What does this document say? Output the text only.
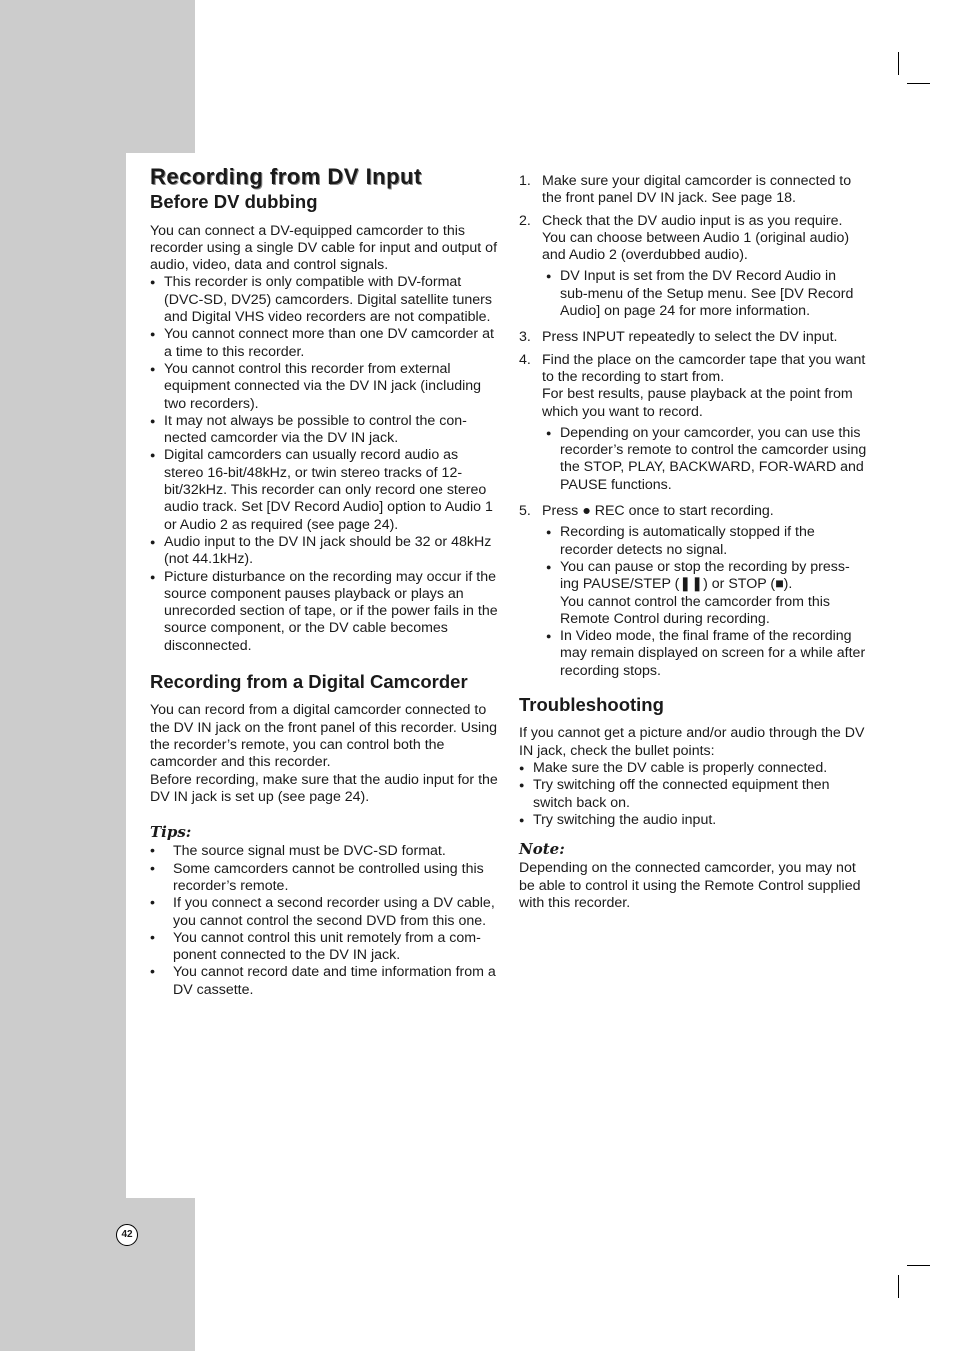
42
Recording from DV Input
Before DV dubbing

You can connect a DV-equipped camcorder to this recorder using a single DV cable for input and output of audio, video, data and control signals.

● This recorder is only compatible with DV-format (DVC-SD, DV25) camcorders. Digital satellite tuners and Digital VHS video recorders are not compatible.
● You cannot connect more than one DV camcorder at a time to this recorder.
● You cannot control this recorder from external equipment connected via the DV IN jack (including two recorders).
● It may not always be possible to control the con-nected camcorder via the DV IN jack.
● Digital camcorders can usually record audio as stereo 16-bit/48kHz, or twin stereo tracks of 12-bit/32kHz. This recorder can only record one stereo audio track. Set [DV Record Audio] option to Audio 1 or Audio 2 as required (see page 24).
● Audio input to the DV IN jack should be 32 or 48kHz (not 44.1kHz).
● Picture disturbance on the recording may occur if the source component pauses playback or plays an unrecorded section of tape, or if the power fails in the source component, or the DV cable becomes disconnected.
Recording from a Digital Camcorder

You can record from a digital camcorder connected to the DV IN jack on the front panel of this recorder. Using the recorder’s remote, you can control both the camcorder and this recorder.

Before recording, make sure that the audio input for the DV IN jack is set up (see page 24).

Tips:
• The source signal must be DVC-SD format.
• Some camcorders cannot be controlled using this recorder’s remote.
• If you connect a second recorder using a DV cable, you cannot control the second DVD from this one.
• You cannot control this unit remotely from a com-ponent connected to the DV IN jack.
• You cannot record date and time information from a DV cassette.
1. Make sure your digital camcorder is connected to the front panel DV IN jack. See page 18.
2. Check that the DV audio input is as you require. You can choose between Audio 1 (original audio) and Audio 2 (overdubbed audio).
● DV Input is set from the DV Record Audio in sub-menu of the Setup menu. See [DV Record Audio] on page 24 for more information.
3. Press INPUT repeatedly to select the DV input.
4. Find the place on the camcorder tape that you want to the recording to start from.

For best results, pause playback at the point from which you want to record.

● Depending on your camcorder, you can use this recorder’s remote to control the camcorder using the STOP, PLAY, BACKWARD, FOR-WARD and PAUSE functions.
5. Press ● REC once to start recording.
● Recording is automatically stopped if the recorder detects no signal.
● You can pause or stop the recording by press-ing PAUSE/STEP (❚❚) or STOP (■).
You cannot control the camcorder from this Remote Control during recording.
● In Video mode, the final frame of the recording may remain displayed on screen for a while after recording stops.
Troubleshooting

If you cannot get a picture and/or audio through the DV IN jack, check the bullet points:

● Make sure the DV cable is properly connected.
● Try switching off the connected equipment then switch back on.
● Try switching the audio input.
Note:

Depending on the connected camcorder, you may not be able to control it using the Remote Control supplied with this recorder.
